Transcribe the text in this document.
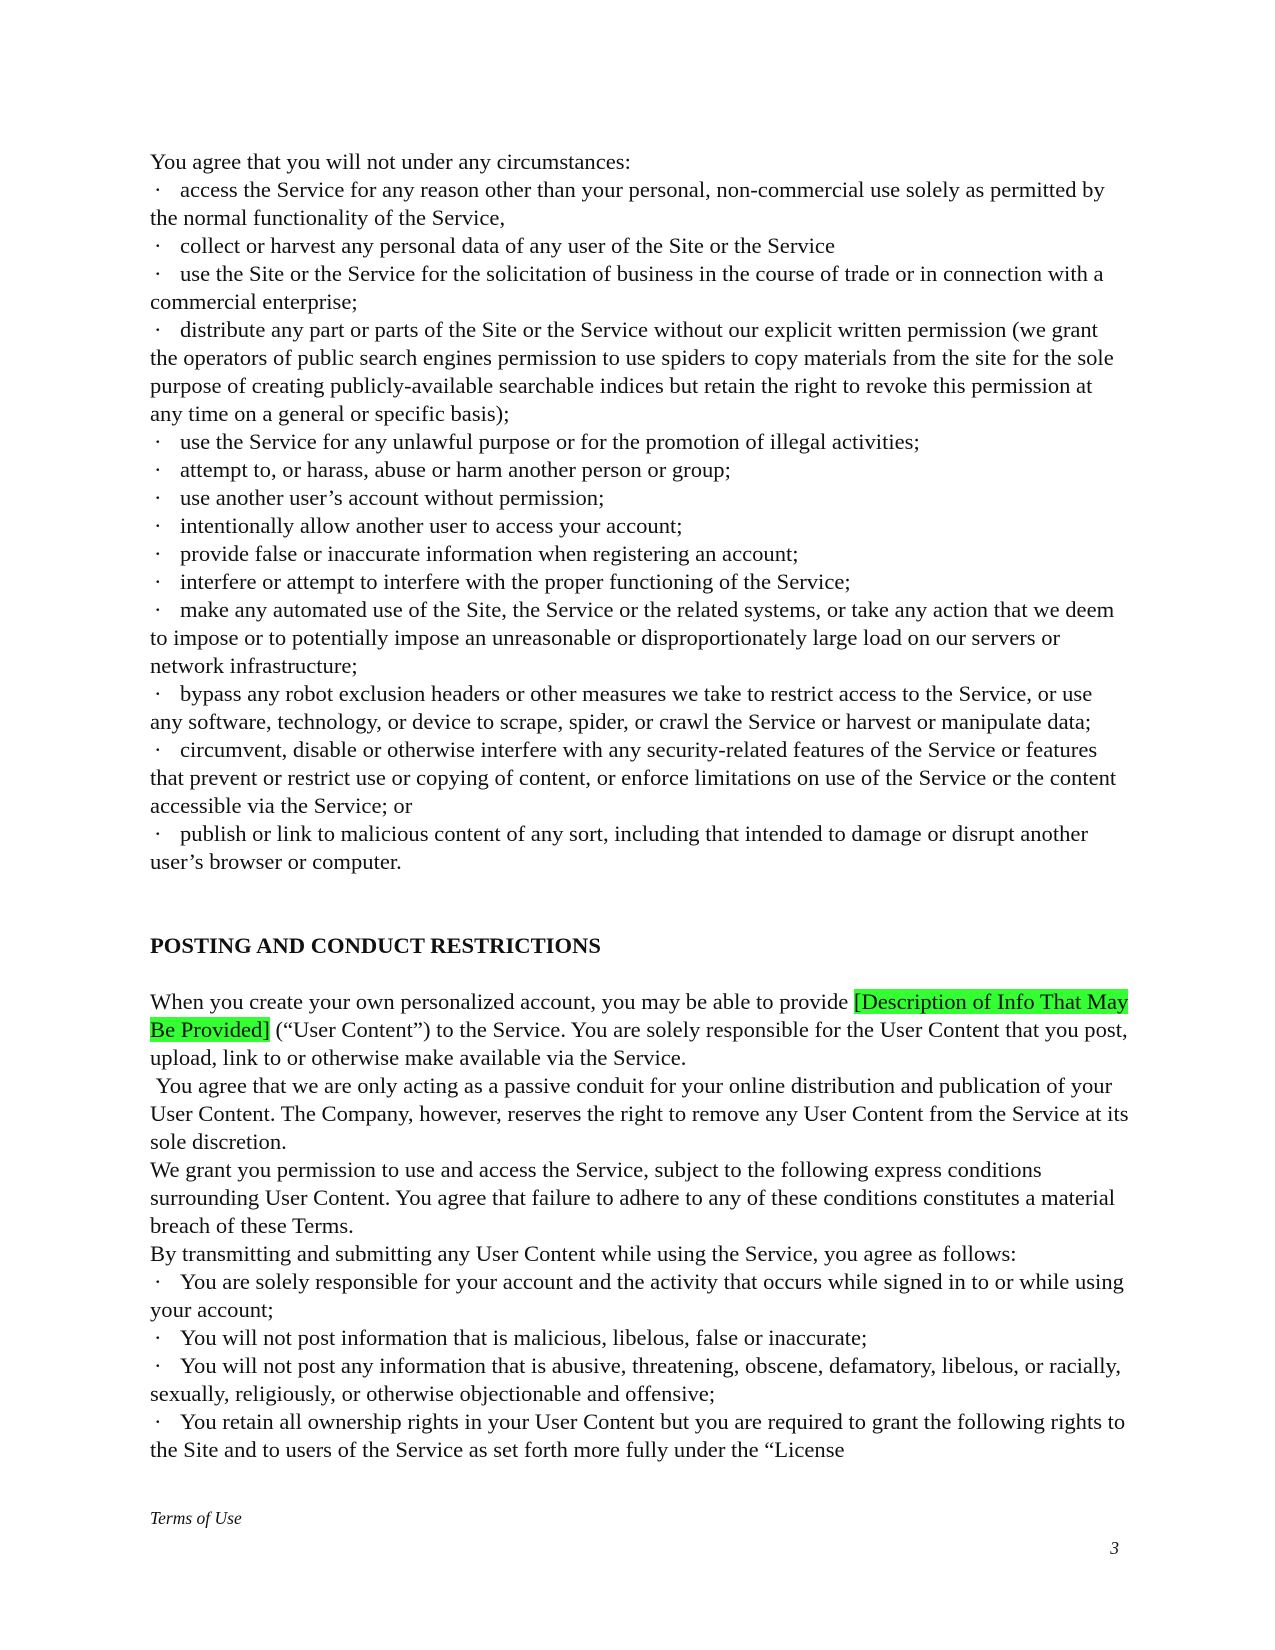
You agree that you will not under any circumstances:

· access the Service for any reason other than your personal, non-commercial use solely as permitted by the normal functionality of the Service,

· collect or harvest any personal data of any user of the Site or the Service

· use the Site or the Service for the solicitation of business in the course of trade or in connection with a commercial enterprise;

· distribute any part or parts of the Site or the Service without our explicit written permission (we grant the operators of public search engines permission to use spiders to copy materials from the site for the sole purpose of creating publicly-available searchable indices but retain the right to revoke this permission at any time on a general or specific basis);

· use the Service for any unlawful purpose or for the promotion of illegal activities;

· attempt to, or harass, abuse or harm another person or group;

· use another user’s account without permission;

· intentionally allow another user to access your account;

· provide false or inaccurate information when registering an account;

· interfere or attempt to interfere with the proper functioning of the Service;

· make any automated use of the Site, the Service or the related systems, or take any action that we deem to impose or to potentially impose an unreasonable or disproportionately large load on our servers or network infrastructure;

· bypass any robot exclusion headers or other measures we take to restrict access to the Service, or use any software, technology, or device to scrape, spider, or crawl the Service or harvest or manipulate data;

· circumvent, disable or otherwise interfere with any security-related features of the Service or features that prevent or restrict use or copying of content, or enforce limitations on use of the Service or the content accessible via the Service; or

· publish or link to malicious content of any sort, including that intended to damage or disrupt another user’s browser or computer.

POSTING AND CONDUCT RESTRICTIONS

When you create your own personalized account, you may be able to provide [Description of Info That May Be Provided] (“User Content”) to the Service. You are solely responsible for the User Content that you post, upload, link to or otherwise make available via the Service.

You agree that we are only acting as a passive conduit for your online distribution and publication of your User Content. The Company, however, reserves the right to remove any User Content from the Service at its sole discretion.

We grant you permission to use and access the Service, subject to the following express conditions surrounding User Content. You agree that failure to adhere to any of these conditions constitutes a material breach of these Terms.

By transmitting and submitting any User Content while using the Service, you agree as follows:

· You are solely responsible for your account and the activity that occurs while signed in to or while using your account;

· You will not post information that is malicious, libelous, false or inaccurate;

· You will not post any information that is abusive, threatening, obscene, defamatory, libelous, or racially, sexually, religiously, or otherwise objectionable and offensive;

· You retain all ownership rights in your User Content but you are required to grant the following rights to the Site and to users of the Service as set forth more fully under the “License

Terms of Use
3
